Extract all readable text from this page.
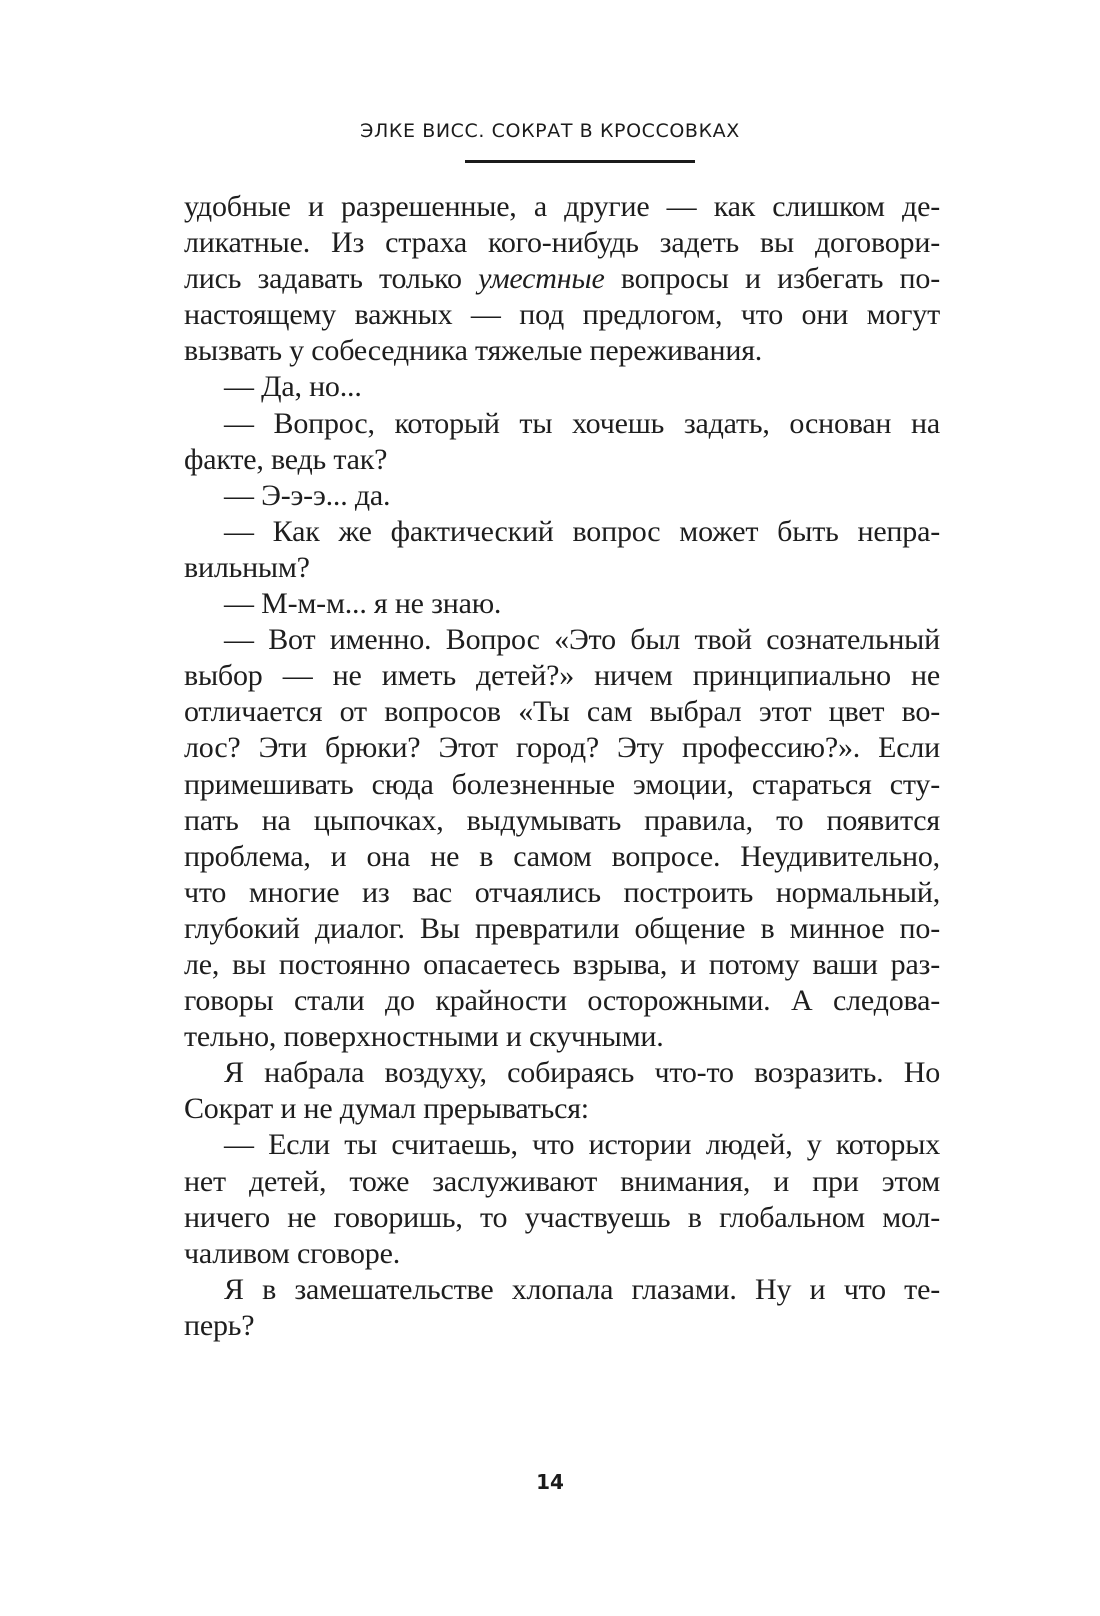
ЭЛКЕ ВИСС. СОКРАТ В КРОССОВКАХ
удобные и разрешенные, а другие — как слишком де-
ликатные. Из страха кого-нибудь задеть вы договори-
лись задавать только уместные вопросы и избегать по-
настоящему важных — под предлогом, что они могут
вызвать у собеседника тяжелые переживания.
— Да, но...
— Вопрос, который ты хочешь задать, основан на
факте, ведь так?
— Э-э-э... да.
— Как же фактический вопрос может быть непра-
вильным?
— М-м-м... я не знаю.
— Вот именно. Вопрос «Это был твой сознательный
выбор — не иметь детей?» ничем принципиально не
отличается от вопросов «Ты сам выбрал этот цвет во-
лос? Эти брюки? Этот город? Эту профессию?». Если
примешивать сюда болезненные эмоции, стараться сту-
пать на цыпочках, выдумывать правила, то появится
проблема, и она не в самом вопросе. Неудивительно,
что многие из вас отчаялись построить нормальный,
глубокий диалог. Вы превратили общение в минное по-
ле, вы постоянно опасаетесь взрыва, и потому ваши раз-
говоры стали до крайности осторожными. А следова-
тельно, поверхностными и скучными.
Я набрала воздуху, собираясь что-то возразить. Но
Сократ и не думал прерываться:
— Если ты считаешь, что истории людей, у которых
нет детей, тоже заслуживают внимания, и при этом
ничего не говоришь, то участвуешь в глобальном мол-
чаливом сговоре.
Я в замешательстве хлопала глазами. Ну и что те-
перь?
14
